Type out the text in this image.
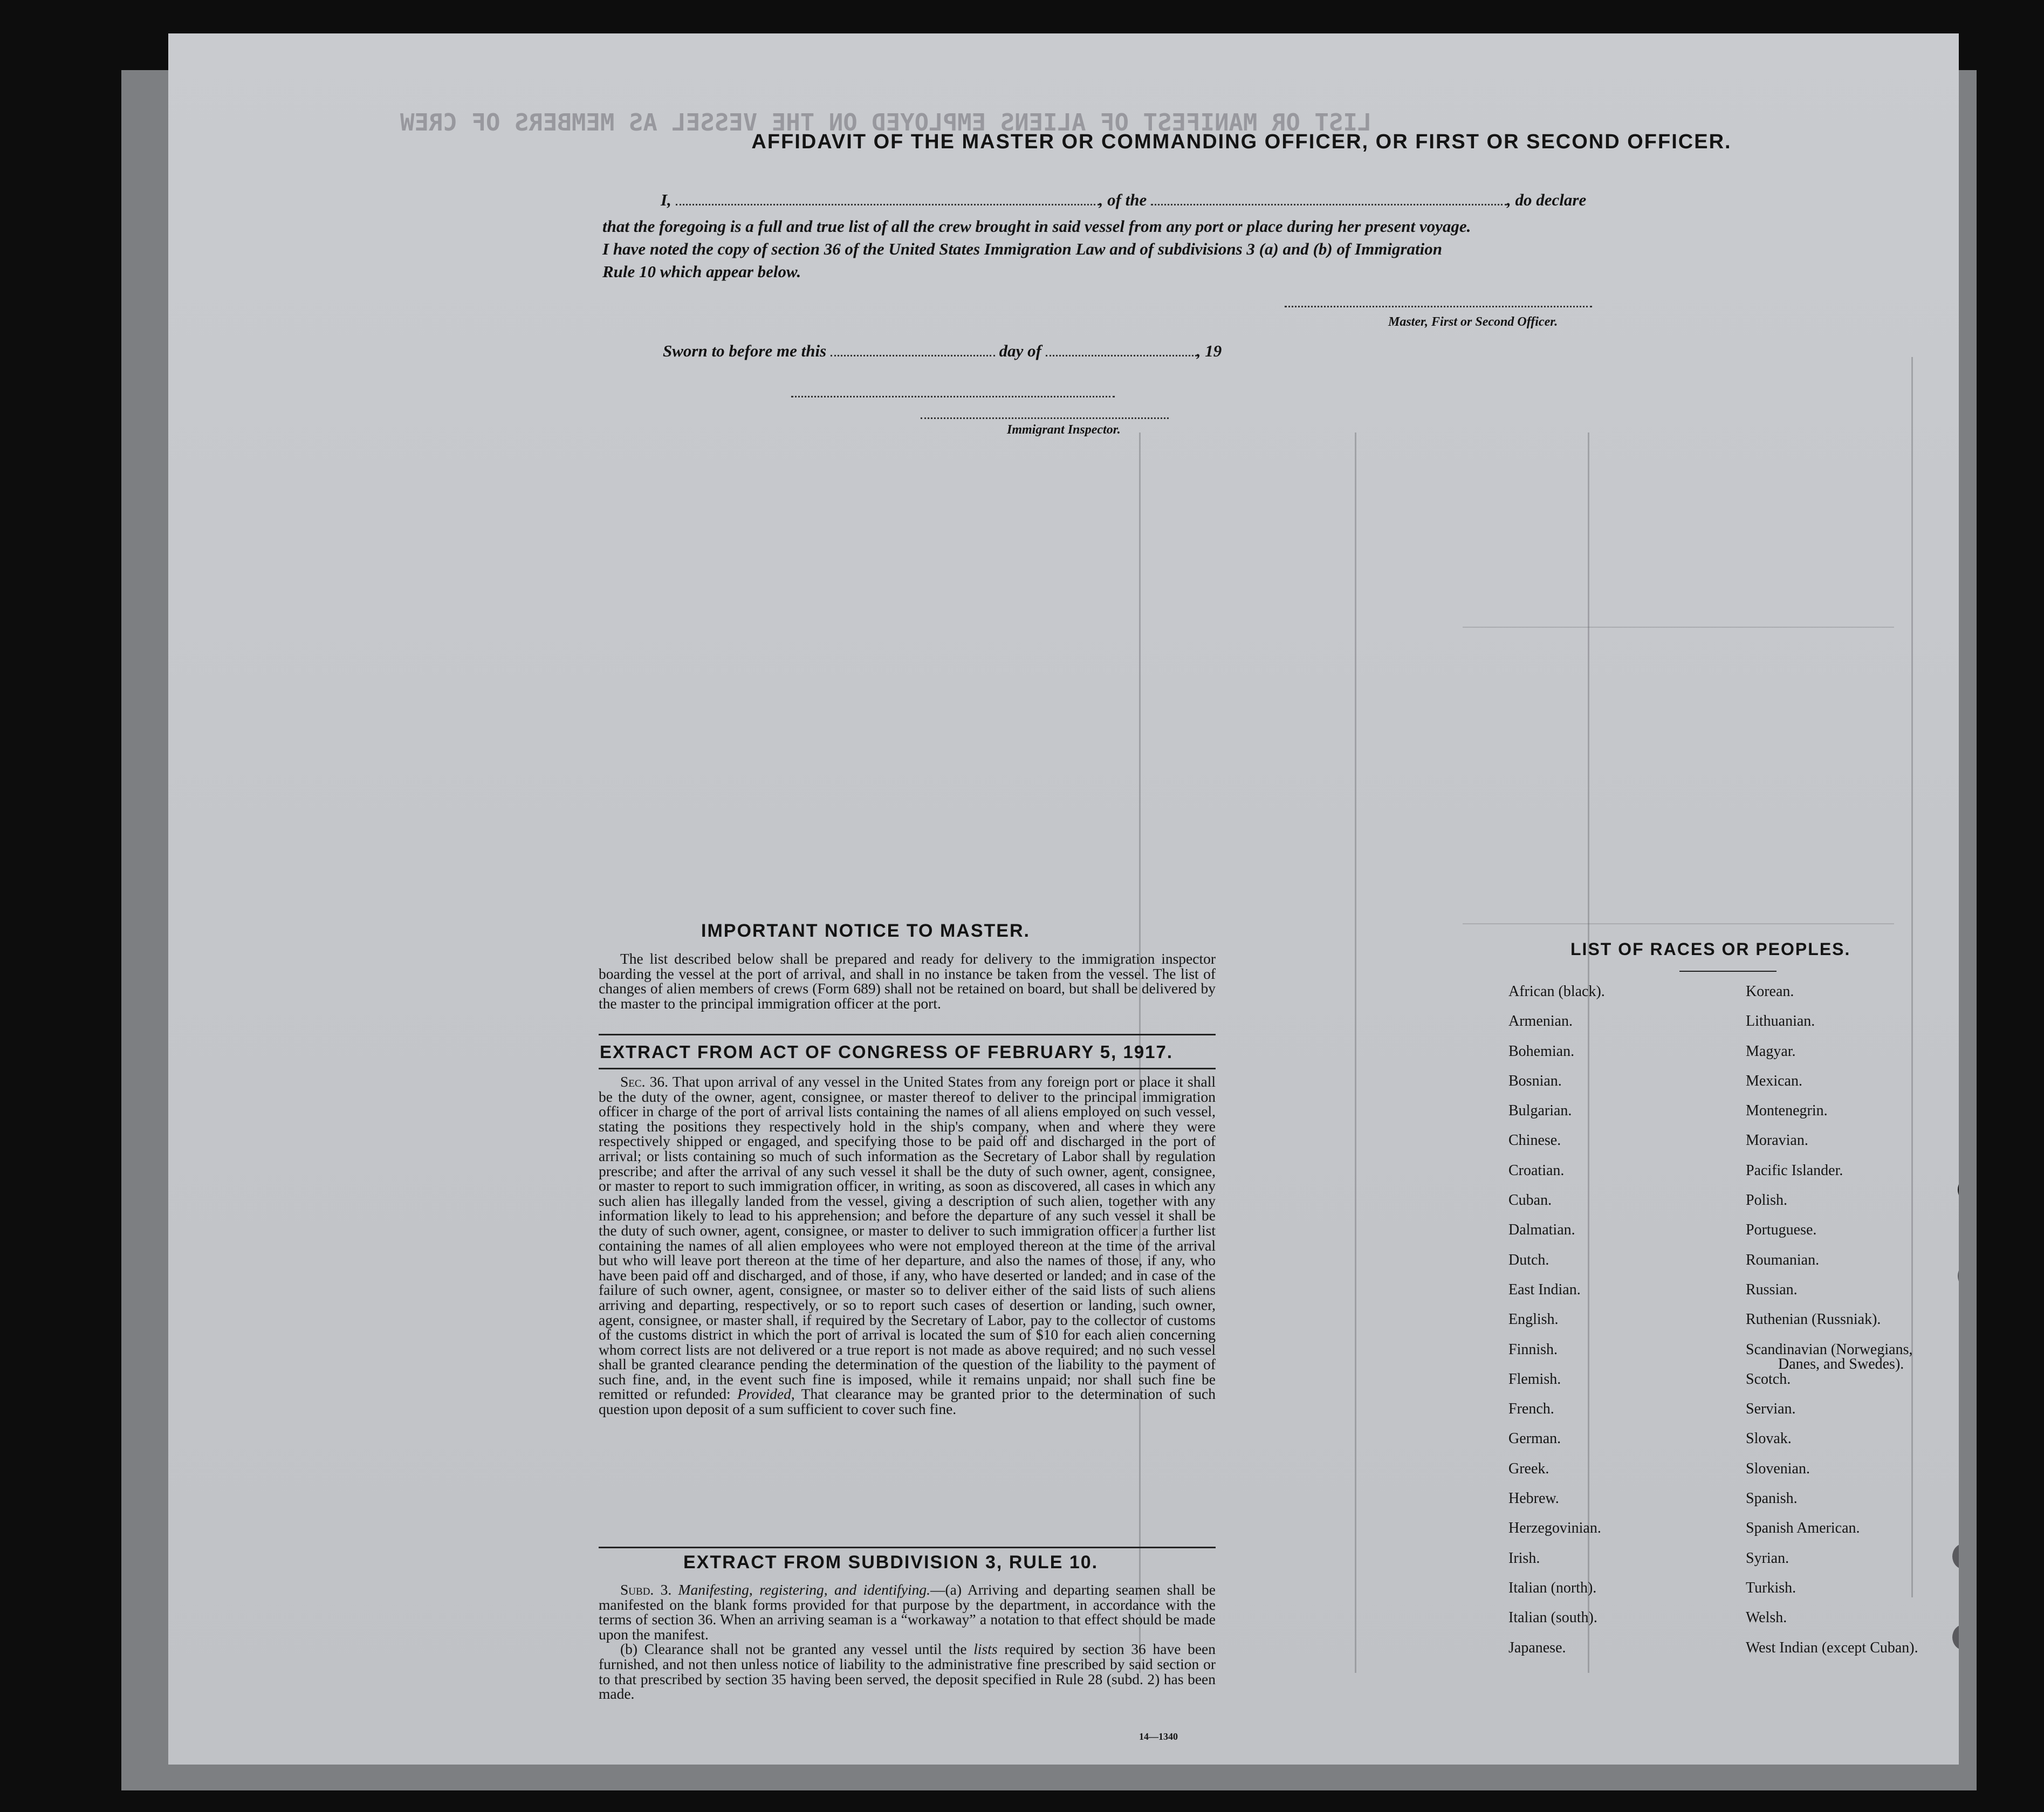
LIST OR MANIFEST OF ALIENS EMPLOYED ON THE VESSEL AS MEMBERS OF CREW
AFFIDAVIT OF THE MASTER OR COMMANDING OFFICER, OR FIRST OR SECOND OFFICER.
I,	, of the	, do declare
that the foregoing is a full and true list of all the crew brought in said vessel from any port or place during her present voyage.
I have noted the copy of section 36 of the United States Immigration Law and of subdivisions 3 (a) and (b) of Immigration
Rule 10 which appear below.
Master, First or Second Officer.
Sworn to before me this	day of	, 19
Immigrant Inspector.
IMPORTANT NOTICE TO MASTER.
The list described below shall be prepared and ready for delivery to the immigration inspector boarding the vessel at the port of arrival, and shall in no instance be taken from the vessel. The list of changes of alien members of crews (Form 689) shall not be retained on board, but shall be delivered by the master to the principal immigration officer at the port.
EXTRACT FROM ACT OF CONGRESS OF FEBRUARY 5, 1917.
Sec. 36. That upon arrival of any vessel in the United States from any foreign port or place it shall be the duty of the owner, agent, consignee, or master thereof to deliver to the principal immigration officer in charge of the port of arrival lists containing the names of all aliens employed on such vessel, stating the positions they respectively hold in the ship's company, when and where they were respectively shipped or engaged, and specifying those to be paid off and discharged in the port of arrival; or lists containing so much of such information as the Secretary of Labor shall by regulation prescribe; and after the arrival of any such vessel it shall be the duty of such owner, agent, consignee, or master to report to such immigration officer, in writing, as soon as discovered, all cases in which any such alien has illegally landed from the vessel, giving a description of such alien, together with any information likely to lead to his apprehension; and before the departure of any such vessel it shall be the duty of such owner, agent, consignee, or master to deliver to such immigration officer a further list containing the names of all alien employees who were not employed thereon at the time of the arrival but who will leave port thereon at the time of her departure, and also the names of those, if any, who have been paid off and discharged, and of those, if any, who have deserted or landed; and in case of the failure of such owner, agent, consignee, or master so to deliver either of the said lists of such aliens arriving and departing, respectively, or so to report such cases of desertion or landing, such owner, agent, consignee, or master shall, if required by the Secretary of Labor, pay to the collector of customs of the customs district in which the port of arrival is located the sum of $10 for each alien concerning whom correct lists are not delivered or a true report is not made as above required; and no such vessel shall be granted clearance pending the determination of the question of the liability to the payment of such fine, and, in the event such fine is imposed, while it remains unpaid; nor shall such fine be remitted or refunded: Provided, That clearance may be granted prior to the determination of such question upon deposit of a sum sufficient to cover such fine.
EXTRACT FROM SUBDIVISION 3, RULE 10.

Subd. 3. Manifesting, registering, and identifying.—(a) Arriving and departing seamen shall be manifested on the blank forms provided for that purpose by the department, in accordance with the terms of section 36. When an arriving seaman is a “workaway” a notation to that effect should be made upon the manifest.

(b) Clearance shall not be granted any vessel until the lists required by section 36 have been furnished, and not then unless notice of liability to the administrative fine prescribed by said section or to that prescribed by section 35 having been served, the deposit specified in Rule 28 (subd. 2) has been made.

14—1340
LIST OF RACES OR PEOPLES.
African (black).
Armenian.
Bohemian.
Bosnian.
Bulgarian.
Chinese.
Croatian.
Cuban.
Dalmatian.
Dutch.
East Indian.
English.
Finnish.
Flemish.
French.
German.
Greek.
Hebrew.
Herzegovinian.
Irish.
Italian (north).
Italian (south).
Japanese.
Korean.
Lithuanian.
Magyar.
Mexican.
Montenegrin.
Moravian.
Pacific Islander.
Polish.
Portuguese.
Roumanian.
Russian.
Ruthenian (Russniak).
Scandinavian (Norwegians,
Danes, and Swedes).
Scotch.
Servian.
Slovak.
Slovenian.
Spanish.
Spanish American.
Syrian.
Turkish.
Welsh.
West Indian (except Cuban).
